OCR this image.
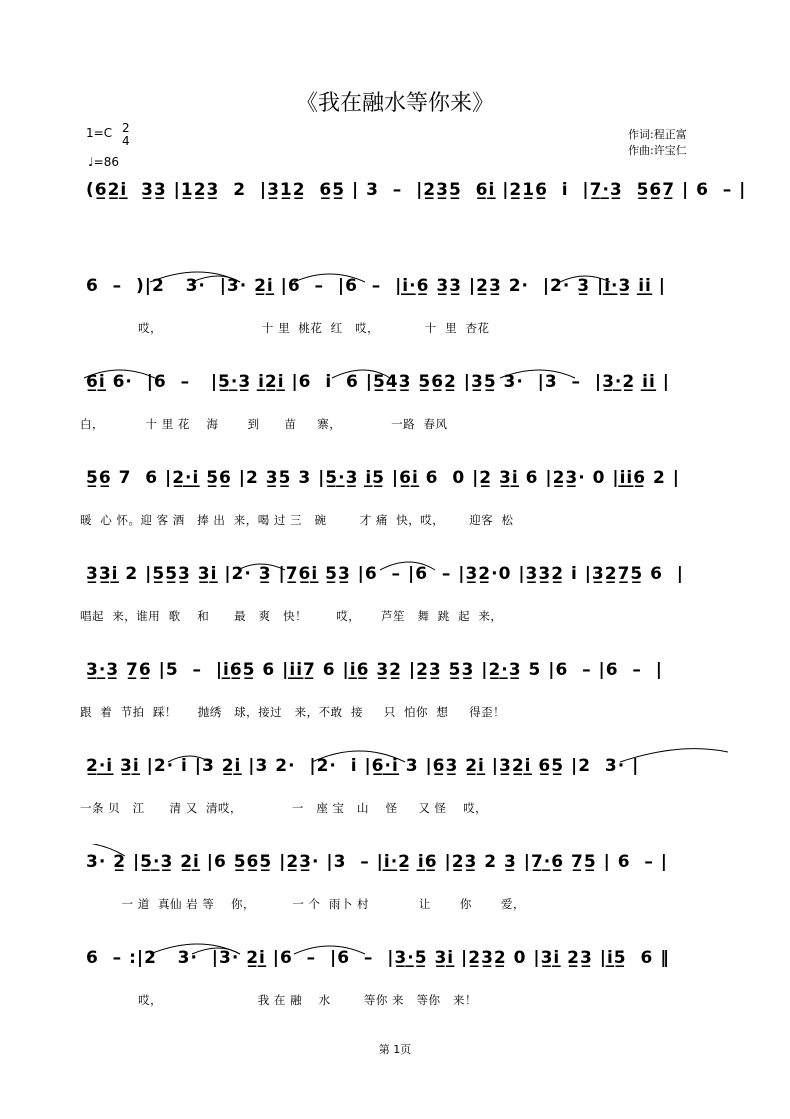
《我在融水等你来》
1=C 2
4
♩=86
作词:程正富
作曲:许宝仁
(6̲2̲i̲  3̲3̲ |1̲2̲3̲  2  |3̲1̲2̲  6̲5̲ | 3  –  |2̲3̲5̲  6̲i̲ |2̲1̲6̲  i  |7̲·̲3̲  5̲6̲7̲ | 6  – |
6  –  )|2   3·  |3· 2̲i̲ |6  –  |6  –  |i̲·̲6̲ 3̲3̲ |2̲3̲ 2·  |2· 3̲ |i̲·̲3̲ i̲i̲ |
哎，                        十 里  桃花  红   哎，           十  里  杏花
6̲i̲ 6·  |6  –   |5̲·̲3̲ i̲2̲i̲ |6  i  6 |5̲4̲3̲ 5̲6̲2̲ |3̲5̲ 3·  |3  –  |3̲·̲2̲ i̲i̲ |
白，          十 里 花    海       到      苗     寨，            一路  春风
5̲6̲ 7  6 |2̲·̲i̲ 5̲6̲ |2 3̲5̲ 3 |5̲·̲3̲ i̲5̲ |6̲i̲ 6  0 |2̲ 3̲i̲ 6 |2̲3̲· 0 |i̲i̲6̲ 2 |
暖  心 怀。迎 客 酒   捧 出  来，喝 过 三   碗        才 痛  快，哎，      迎客  松
3̲3̲i̲ 2 |5̲5̲3̲ 3̲i̲ |2· 3̲ |7̲6̲i̲ 5̲3̲ |6  – |6  – |3̲2̲·0 |3̲3̲2̲ i |3̲2̲7̲5̲ 6  |
唱起  来，谁用  歌    和      最   爽   快！       哎，     芦笙   舞  跳  起  来，
3̲·̲3̲ 7̲6̲ |5  –  |i̲6̲5̲ 6 |i̲i̲7̲ 6 |i̲6̲ 3̲2̲ |2̲3̲ 5̲3̲ |2̲·̲3̲ 5 |6  – |6  –  |
跟  着  节拍  踩！     抛绣   球，接过   来，不敢  接     只  怕你  想     得歪！
2̲·̲i̲ 3̲i̲ |2· i |3 2̲i̲ |3 2·  |2·  i |6̲·̲i̲ 3 |6̲3̲ 2̲i̲ |3̲2̲i̲ 6̲5̲ |2  3· |
一条 贝   江      清 又  清哎，            一   座 宝   山    怪     又 怪    哎，
3· 2̲ |5̲·̲3̲ 2̲i̲ |6 5̲6̲5̲ |2̲3̲· |3  – |i̲·̲2̲ i̲6̲ |2̲3̲ 2 3̲ |7̲·̲6̲ 7̲5̲ | 6  – |
一 道  真仙 岩 等    你，         一 个  雨卜 村            让       你       爱，
6  – :|2   3·  |3· 2̲i̲ |6  –  |6  –  |3̲·̲5̲ 3̲i̲ |2̲3̲2̲ 0 |3̲i̲ 2̲3̲ |i̲5̲  6 ‖
哎，                       我 在 融    水        等你 来   等你   来！
第 1页
